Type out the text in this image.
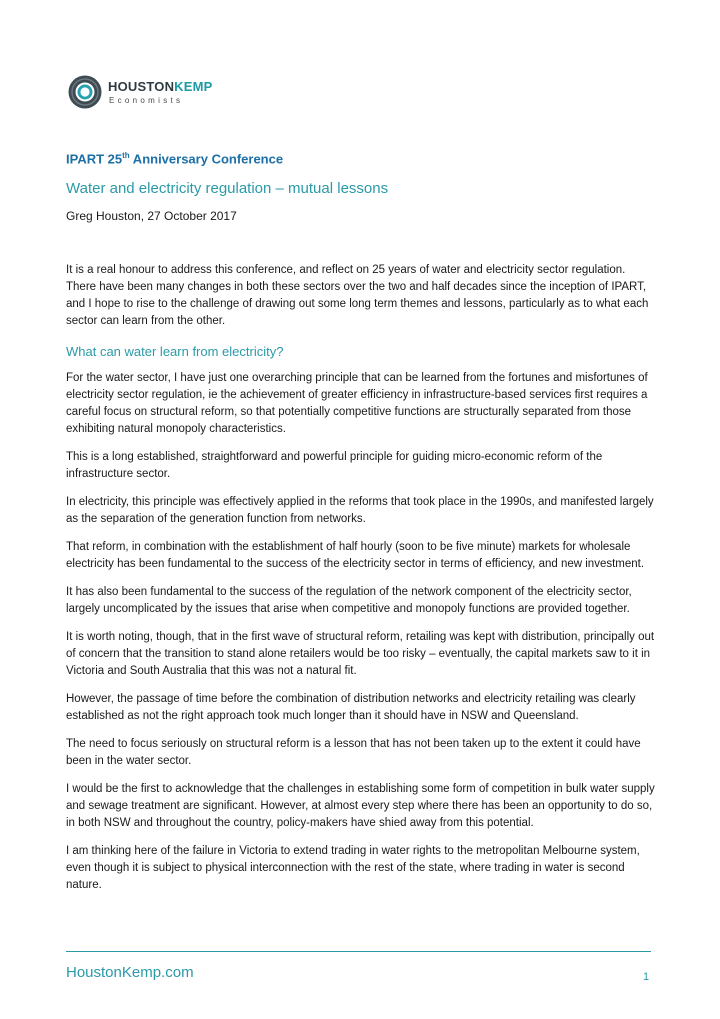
HOUSTONKEMP
Economists
IPART 25th Anniversary Conference
Water and electricity regulation – mutual lessons
Greg Houston, 27 October 2017

It is a real honour to address this conference, and reflect on 25 years of water and electricity sector regulation. There have been many changes in both these sectors over the two and half decades since the inception of IPART, and I hope to rise to the challenge of drawing out some long term themes and lessons, particularly as to what each sector can learn from the other.

What can water learn from electricity?

For the water sector, I have just one overarching principle that can be learned from the fortunes and misfortunes of electricity sector regulation, ie the achievement of greater efficiency in infrastructure-based services first requires a careful focus on structural reform, so that potentially competitive functions are structurally separated from those exhibiting natural monopoly characteristics.

This is a long established, straightforward and powerful principle for guiding micro-economic reform of the infrastructure sector.

In electricity, this principle was effectively applied in the reforms that took place in the 1990s, and manifested largely as the separation of the generation function from networks.

That reform, in combination with the establishment of half hourly (soon to be five minute) markets for wholesale electricity has been fundamental to the success of the electricity sector in terms of efficiency, and new investment.

It has also been fundamental to the success of the regulation of the network component of the electricity sector, largely uncomplicated by the issues that arise when competitive and monopoly functions are provided together.

It is worth noting, though, that in the first wave of structural reform, retailing was kept with distribution, principally out of concern that the transition to stand alone retailers would be too risky – eventually, the capital markets saw to it in Victoria and South Australia that this was not a natural fit.

However, the passage of time before the combination of distribution networks and electricity retailing was clearly established as not the right approach took much longer than it should have in NSW and Queensland.

The need to focus seriously on structural reform is a lesson that has not been taken up to the extent it could have been in the water sector.

I would be the first to acknowledge that the challenges in establishing some form of competition in bulk water supply and sewage treatment are significant. However, at almost every step where there has been an opportunity to do so, in both NSW and throughout the country, policy-makers have shied away from this potential.

I am thinking here of the failure in Victoria to extend trading in water rights to the metropolitan Melbourne system, even though it is subject to physical interconnection with the rest of the state, where trading in water is second nature.

HoustonKemp.com	1
